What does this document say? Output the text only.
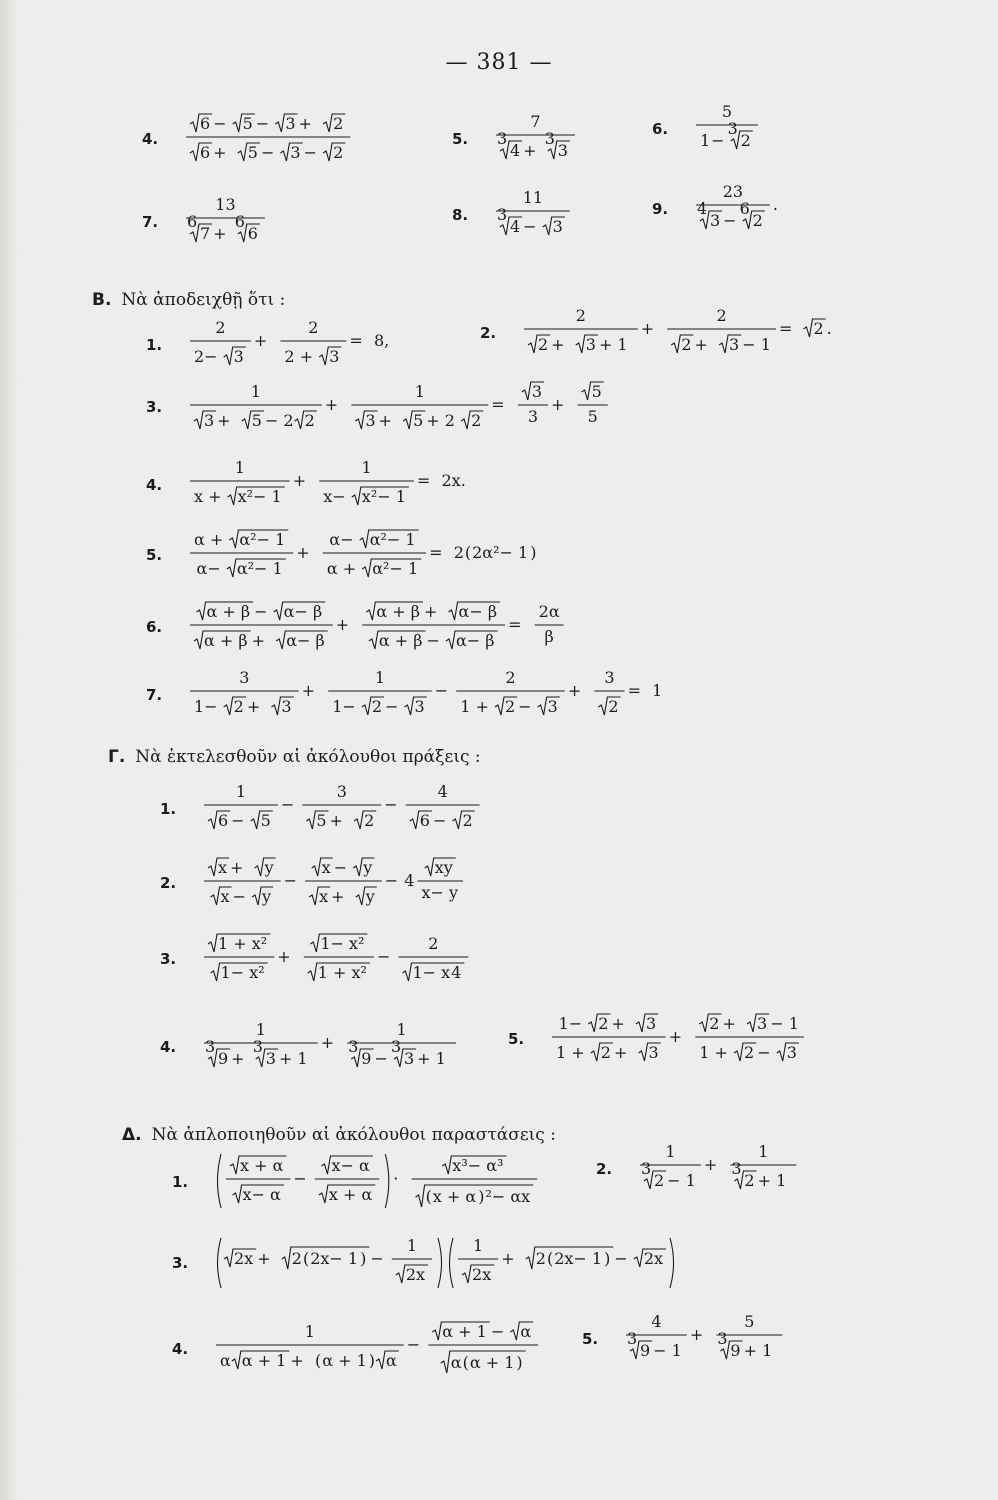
— 381 —
Β. Νὰ ἀποδειχθῇ ὅτι :
Γ. Νὰ ἐκτελεσθοῦν αἱ ἀκόλουθοι πράξεις :
Δ. Νὰ ἁπλοποιηθοῦν αἱ ἀκόλουθοι παραστάσεις :
4.
6 − 5 − 3 + 2
6 + 5 − 3 − 2
5.
7
3
4 +
3
3
6.
5
1 −
3
2
7.
13
6
7 +
6
6
8.
11
3
4 − 3
9.
23
4
3 −
6
2
.
1.
2
2− 3
+
2
2 + 3
= 8,	2.
2
2 + 3 + 1
+
2
2 + 3 − 1
= 2 .
3.
1
3 + 5 − 2 2
+
1
3 + 5 + 2 2
=
3
3
+
5
5
4.
1
x + x²− 1
+
1
x− x²− 1
= 2x.
5.
α + α²− 1
α− α²− 1
+
α− α²− 1
α + α²− 1
= 2 (	)
2α²− 1
6.
α + β − α− β
α + β + α− β
+
α + β + α− β
α + β − α− β
=
2α
β
7.
3
1− 2 + 3
+
1
1− 2 − 3
−
2
1 + 2 − 3
+
3
2
= 1
1.
1
6 − 5
−
3
5 + 2
−
4
6 − 2
2.
x + y
x − y
−
x − y
x + y
− 4
xy
x− y
3.
1 + x²
1− x²
+
1− x²
1 + x²
−
2
1− x 4
4.
1
3
9 +
3
3 + 1
+
1
3
9 −
3
3 + 1
5.
1− 2 + 3
1 + 2 + 3
+
2 + 3 − 1
1 + 2 − 3
1.
x + α
x− α
−
x− α
x + α
·
x³− α³
(	)
x + α ²− αx
2.
1
3
2 − 1
+
1
3
2 + 1
3.	2x + 2 (	)
2x− 1 −
1
2x
1
2x
+ 2 (	)
2x− 1 − 2x
4.
1
α α + 1 + (	)
α + 1 α
−
α + 1 − α
α (	)
α + 1
5.
4
3
9 − 1
+
5
3
9 + 1
